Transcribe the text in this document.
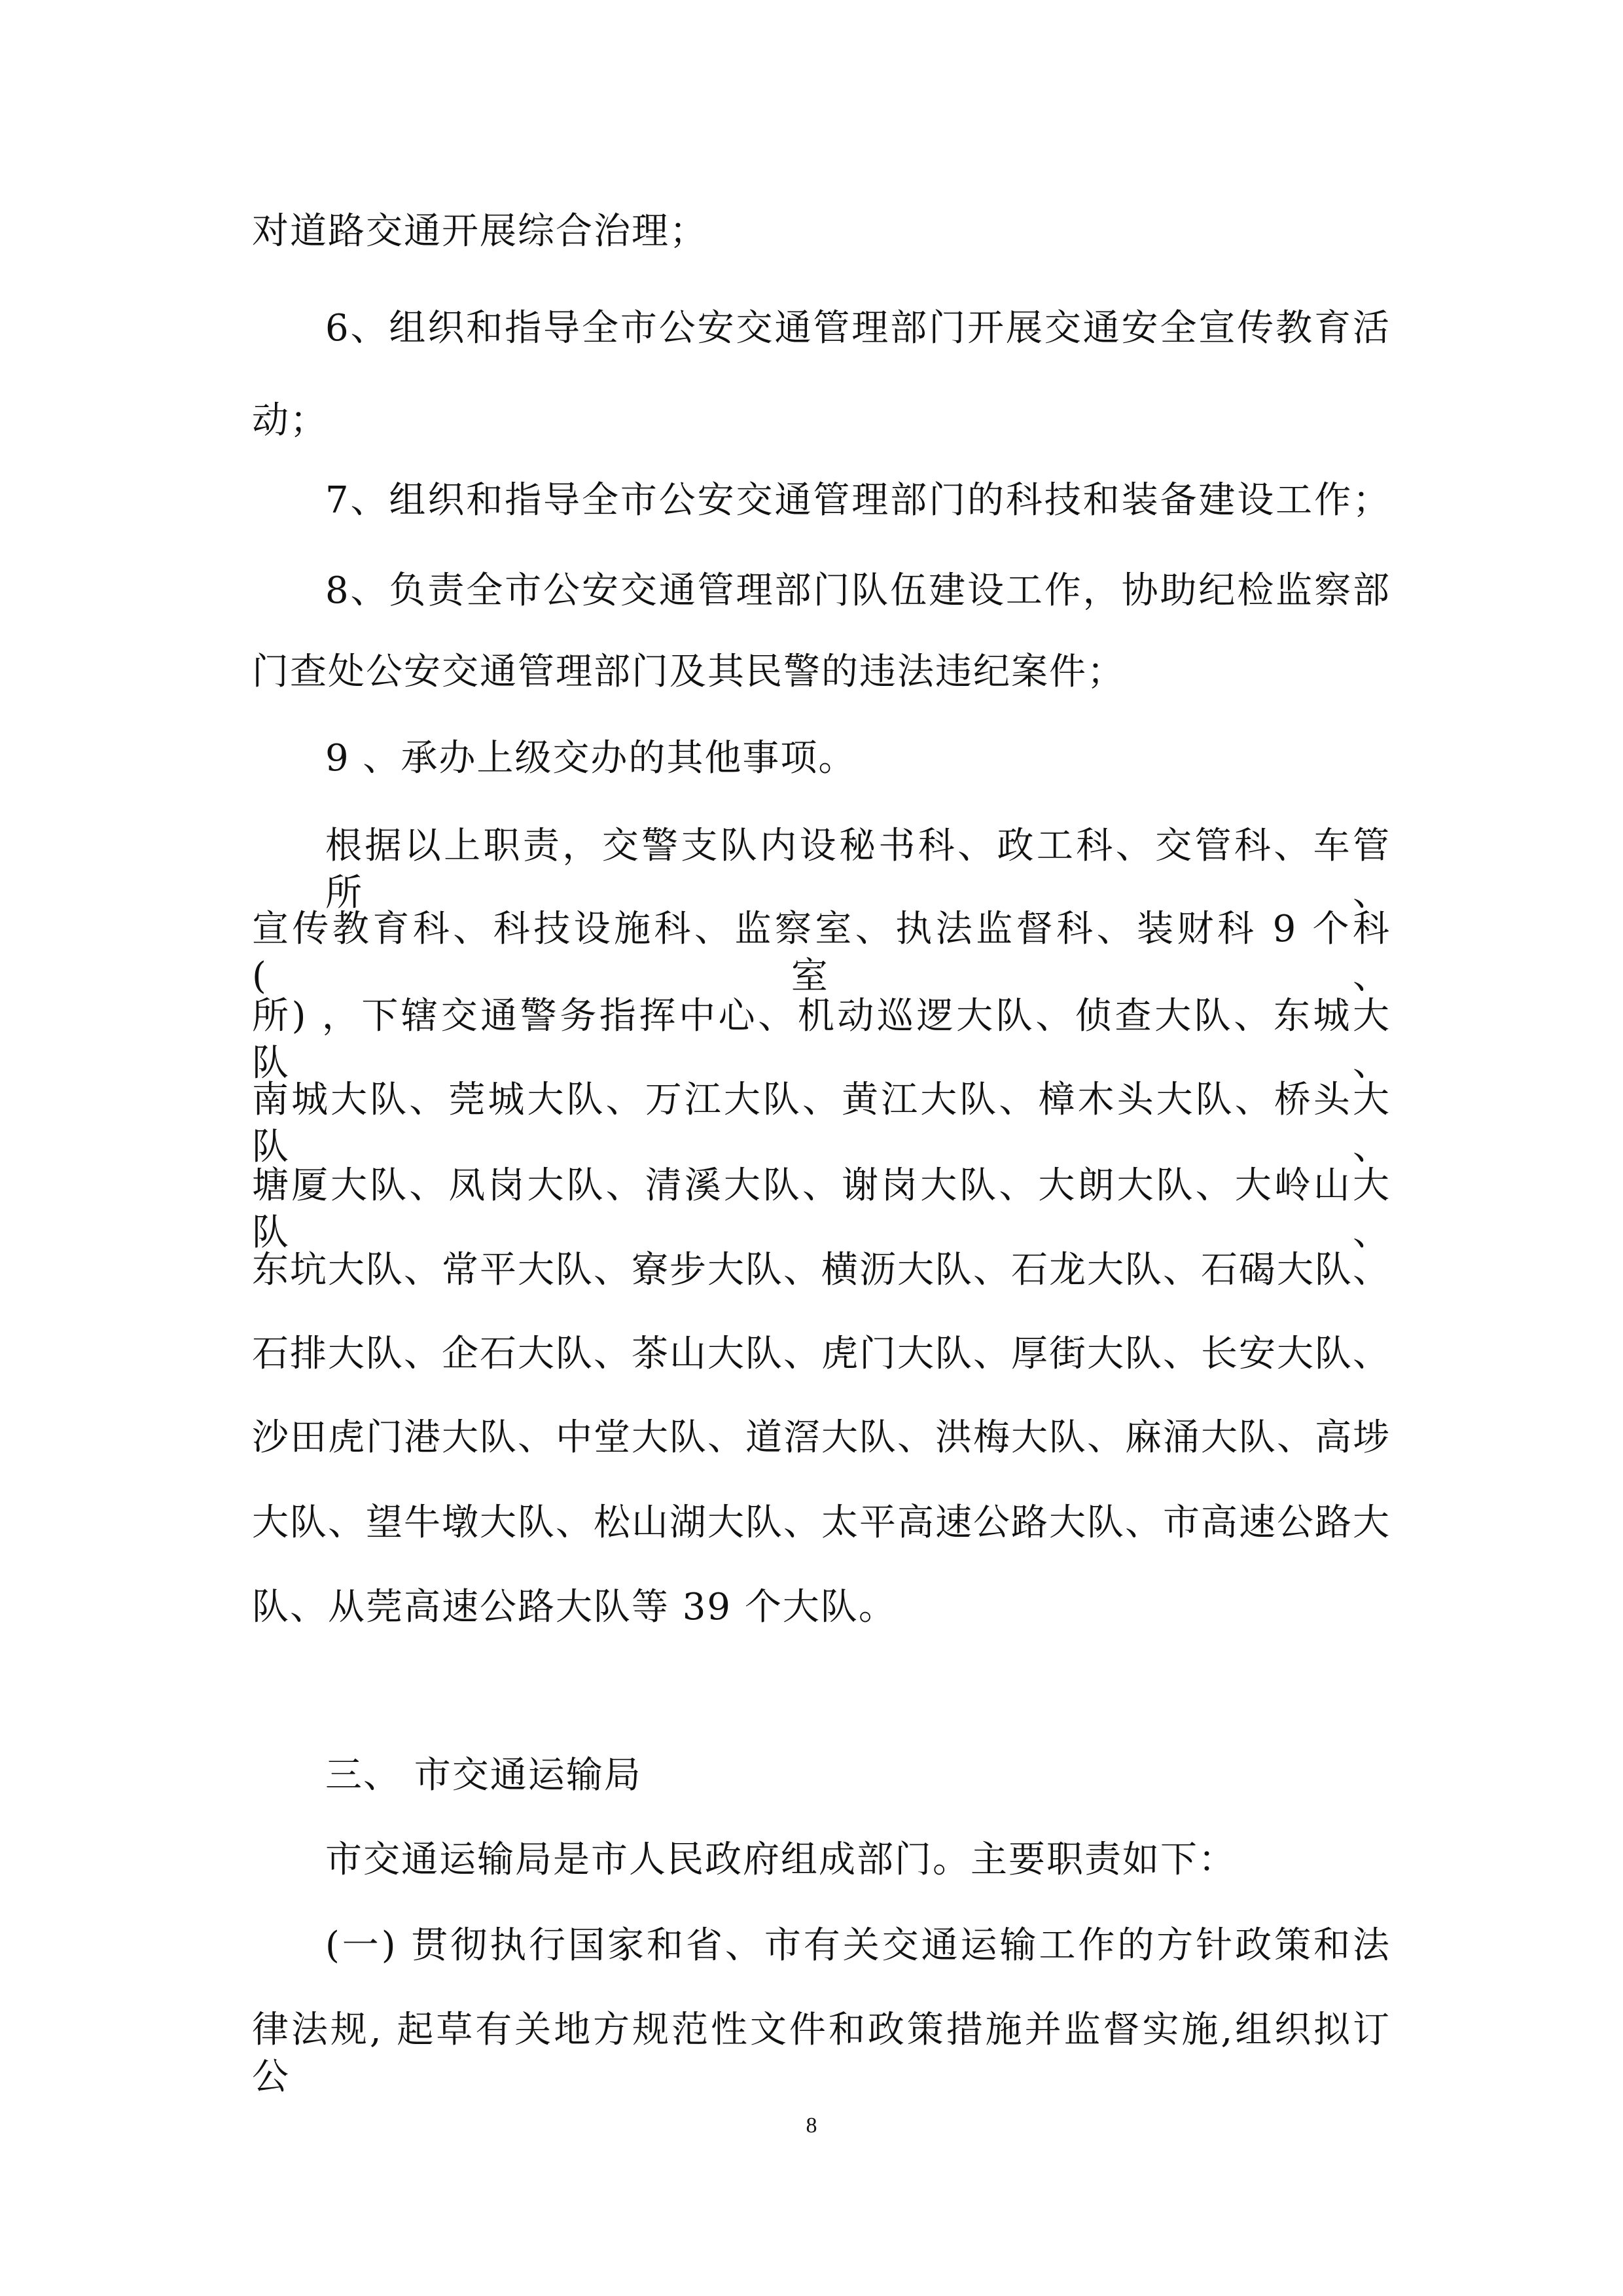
对道路交通开展综合治理；
6、组织和指导全市公安交通管理部门开展交通安全宣传教育活
动；
7、组织和指导全市公安交通管理部门的科技和装备建设工作；
8、负责全市公安交通管理部门队伍建设工作，协助纪检监察部
门查处公安交通管理部门及其民警的违法违纪案件；
9 、承办上级交办的其他事项。
根据以上职责，交警支队内设秘书科、政工科、交管科、车管所、
宣传教育科、科技设施科、监察室、执法监督科、装财科 9 个科(室、
所) ，下辖交通警务指挥中心、机动巡逻大队、侦查大队、东城大队、
南城大队、莞城大队、万江大队、黄江大队、樟木头大队、桥头大队、
塘厦大队、凤岗大队、清溪大队、谢岗大队、大朗大队、大岭山大队、
东坑大队、常平大队、寮步大队、横沥大队、石龙大队、石碣大队、
石排大队、企石大队、茶山大队、虎门大队、厚街大队、长安大队、
沙田虎门港大队、中堂大队、道滘大队、洪梅大队、麻涌大队、高埗
大队、望牛墩大队、松山湖大队、太平高速公路大队、市高速公路大
队、从莞高速公路大队等 39 个大队。
三、 市交通运输局
市交通运输局是市人民政府组成部门。主要职责如下：
(一) 贯彻执行国家和省、市有关交通运输工作的方针政策和法
律法规, 起草有关地方规范性文件和政策措施并监督实施,组织拟订公
8
